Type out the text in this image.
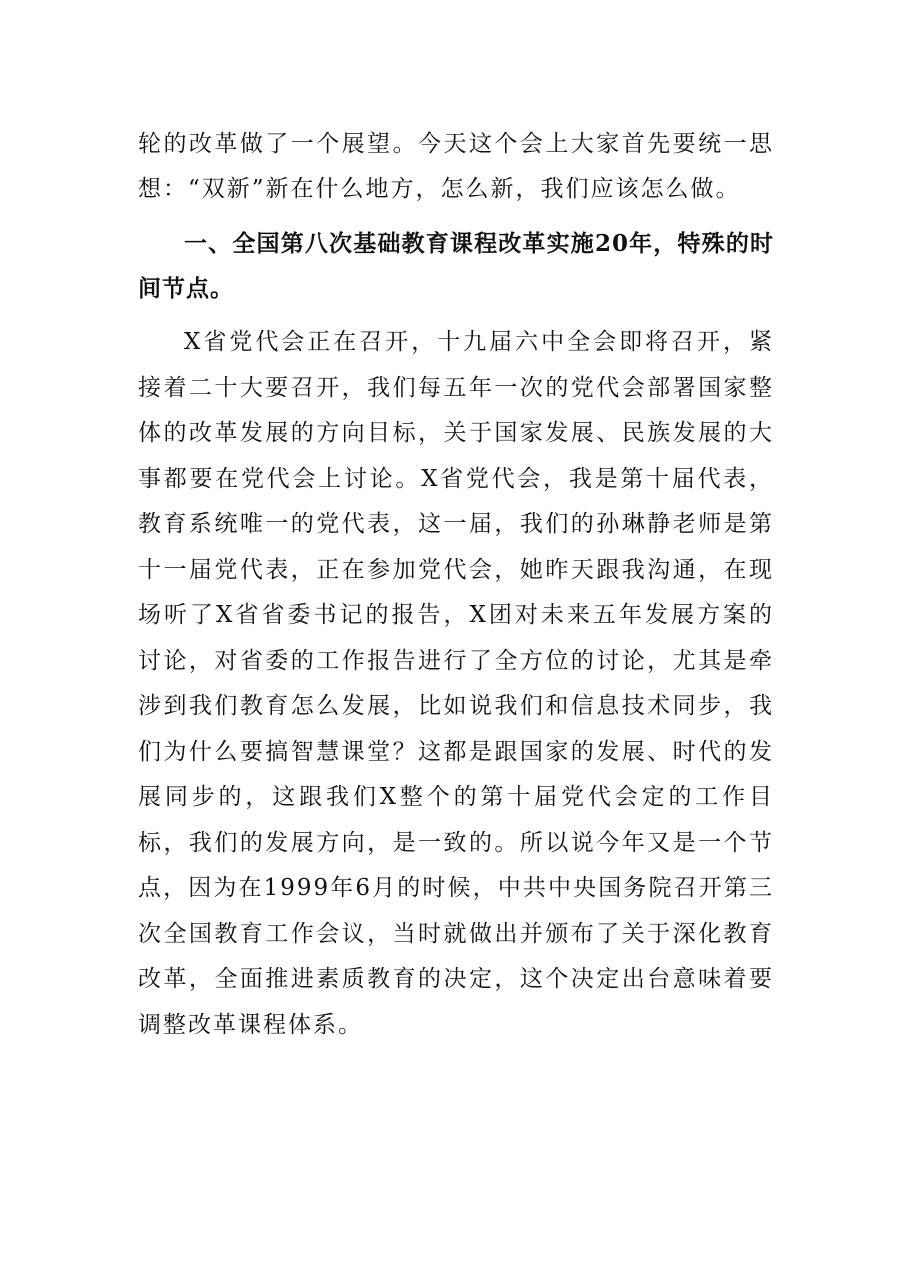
轮的改革做了一个展望。今天这个会上大家首先要统一思想：“双新”新在什么地方，怎么新，我们应该怎么做。

一、全国第八次基础教育课程改革实施20年，特殊的时间节点。

X省党代会正在召开，十九届六中全会即将召开，紧接着二十大要召开，我们每五年一次的党代会部署国家整体的改革发展的方向目标，关于国家发展、民族发展的大事都要在党代会上讨论。X省党代会，我是第十届代表，教育系统唯一的党代表，这一届，我们的孙琳静老师是第十一届党代表，正在参加党代会，她昨天跟我沟通，在现场听了X省省委书记的报告，X团对未来五年发展方案的讨论，对省委的工作报告进行了全方位的讨论，尤其是牵涉到我们教育怎么发展，比如说我们和信息技术同步，我们为什么要搞智慧课堂？这都是跟国家的发展、时代的发展同步的，这跟我们X整个的第十届党代会定的工作目标，我们的发展方向，是一致的。所以说今年又是一个节点，因为在1999年6月的时候，中共中央国务院召开第三次全国教育工作会议，当时就做出并颁布了关于深化教育改革，全面推进素质教育的决定，这个决定出台意味着要调整改革课程体系。
